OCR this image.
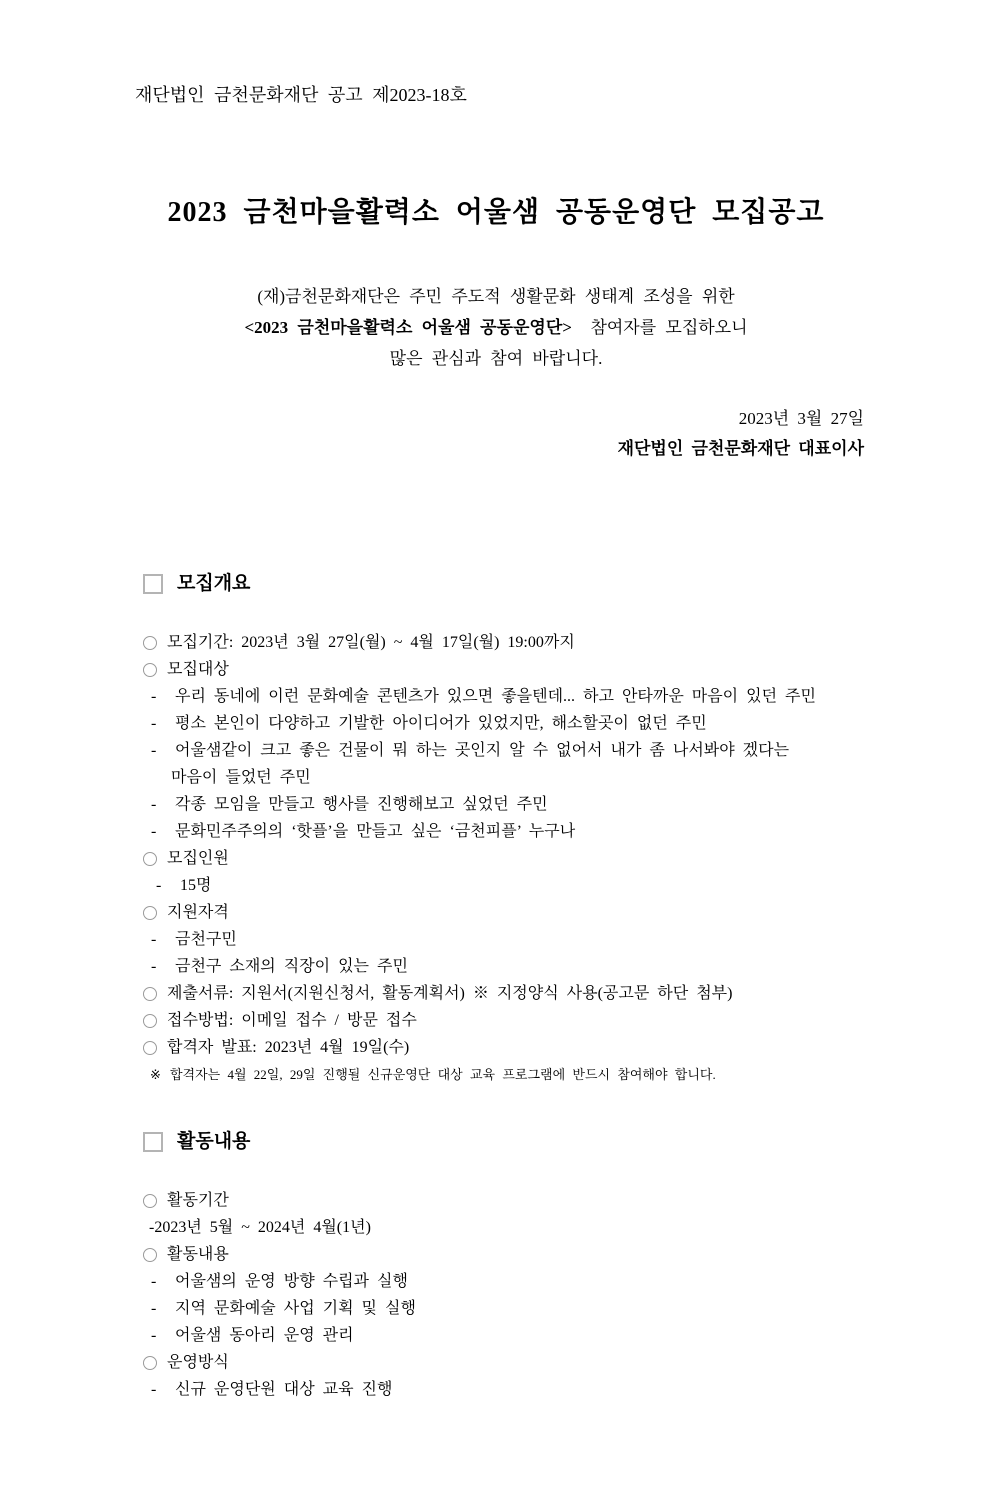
재단법인 금천문화재단 공고 제2023-18호
2023 금천마을활력소 어울샘 공동운영단 모집공고
(재)금천문화재단은 주민 주도적 생활문화 생태계 조성을 위한
<2023 금천마을활력소 어울샘 공동운영단>  참여자를 모집하오니
많은 관심과 참여 바랍니다.
2023년 3월 27일
재단법인 금천문화재단 대표이사
모집개요
모집기간: 2023년 3월 27일(월) ~ 4월 17일(월) 19:00까지
모집대상
-	우리 동네에 이런 문화예술 콘텐츠가 있으면 좋을텐데... 하고 안타까운 마음이 있던 주민
-	평소 본인이 다양하고 기발한 아이디어가 있었지만, 해소할곳이 없던 주민
-	어울샘같이 크고 좋은 건물이 뭐 하는 곳인지 알 수 없어서 내가 좀 나서봐야 겠다는
마음이 들었던 주민
-	각종 모임을 만들고 행사를 진행해보고 싶었던 주민
-	문화민주주의의 ‘핫플’을 만들고 싶은 ‘금천피플’ 누구나
모집인원
-	15명
지원자격
-	금천구민
-	금천구 소재의 직장이 있는 주민
제출서류: 지원서(지원신청서, 활동계획서) ※ 지정양식 사용(공고문 하단 첨부)
접수방법: 이메일 접수 / 방문 접수
합격자 발표: 2023년 4월 19일(수)
※ 합격자는 4월 22일, 29일 진행될 신규운영단 대상 교육 프로그램에 반드시 참여해야 합니다.
활동내용
활동기간
-2023년 5월 ~ 2024년 4월(1년)
활동내용
-	어울샘의 운영 방향 수립과 실행
-	지역 문화예술 사업 기획 및 실행
-	어울샘 동아리 운영 관리
운영방식
-	신규 운영단원 대상 교육 진행
